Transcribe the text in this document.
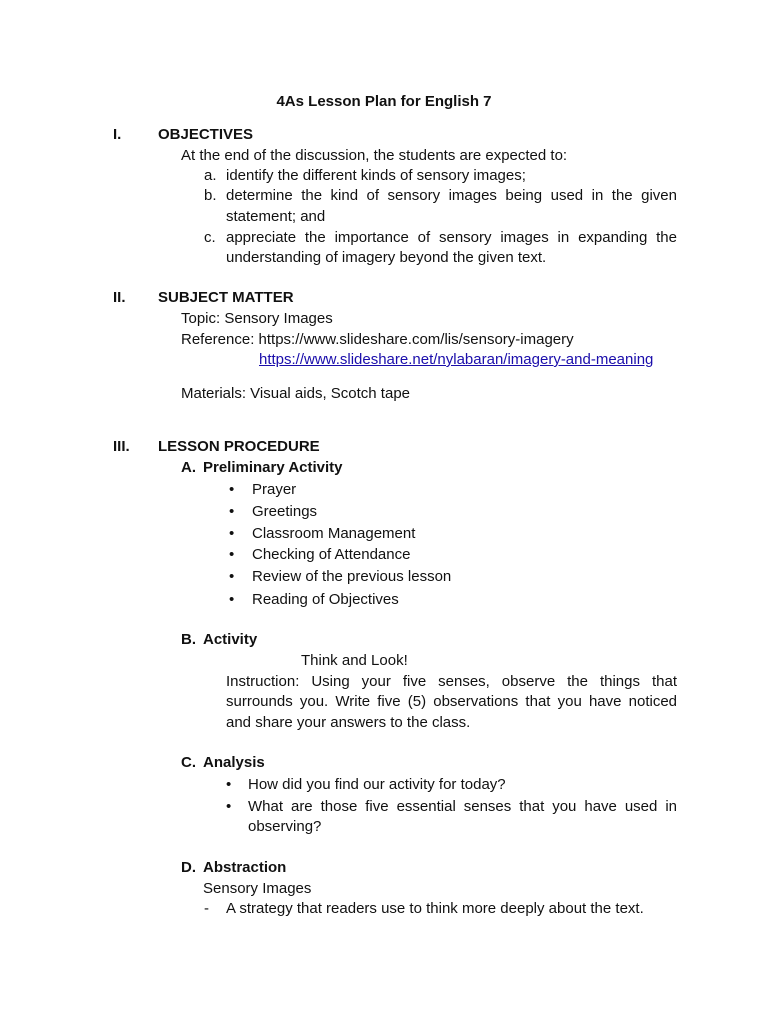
4As Lesson Plan for English 7
I. OBJECTIVES
At the end of the discussion, the students are expected to:
a. identify the different kinds of sensory images;
b. determine the kind of sensory images being used in the given
statement; and
c. appreciate the importance of sensory images in expanding the
understanding of imagery beyond the given text.
II. SUBJECT MATTER
Topic: Sensory Images
Reference: https://www.slideshare.com/lis/sensory-imagery
https://www.slideshare.net/nylabaran/imagery-and-meaning
Materials: Visual aids, Scotch tape
III. LESSON PROCEDURE
A. Preliminary Activity
• Prayer
• Greetings
• Classroom Management
• Checking of Attendance
• Review of the previous lesson
• Reading of Objectives
B. Activity
Think and Look!
Instruction: Using your five senses, observe the things that
surrounds you. Write five (5) observations that you have noticed
and share your answers to the class.
C. Analysis
• How did you find our activity for today?
• What are those five essential senses that you have used in
observing?
D. Abstraction
Sensory Images
- A strategy that readers use to think more deeply about the text.
